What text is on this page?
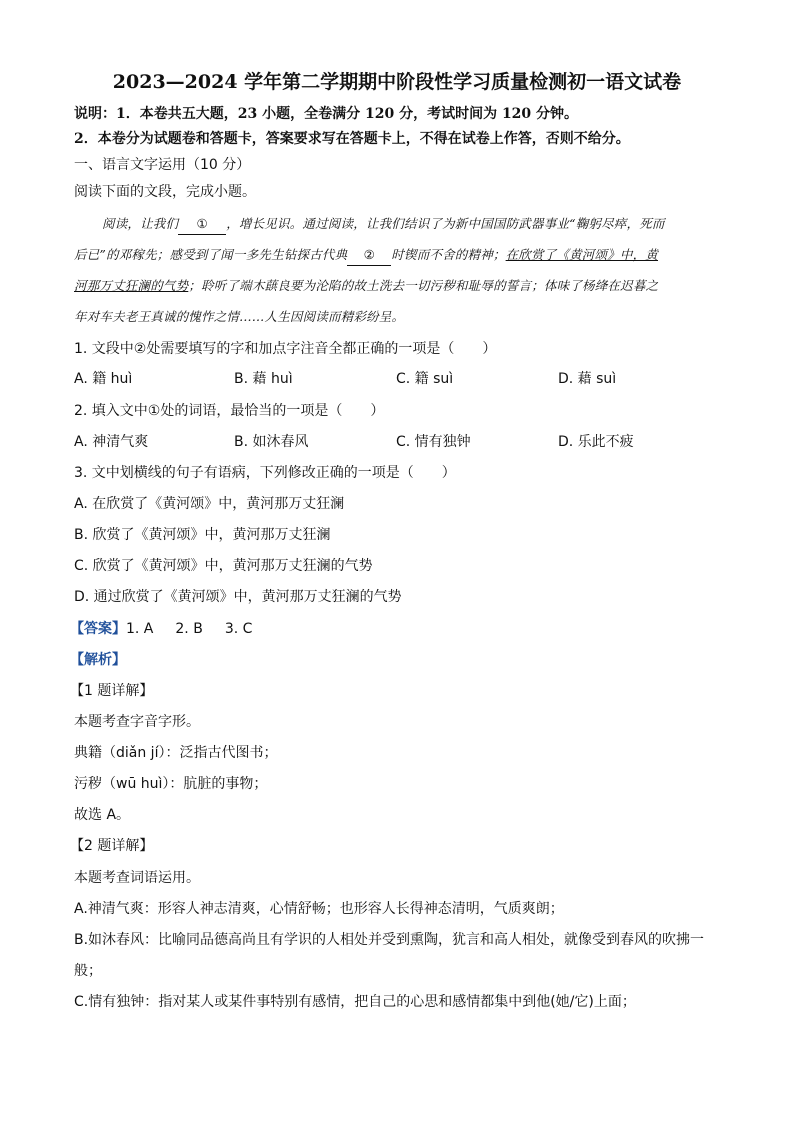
2023—2024 学年第二学期期中阶段性学习质量检测初一语文试卷
说明：1．本卷共五大题，23 小题，全卷满分 120 分，考试时间为 120 分钟。
2．本卷分为试题卷和答题卡，答案要求写在答题卡上，不得在试卷上作答，否则不给分。
一、语言文字运用（10 分）
阅读下面的文段，完成小题。
阅读，让我们 ① ，增长见识。通过阅读，让我们结识了为新中国国防武器事业“鞠躬尽瘁，死而
后已”的邓稼先；感受到了闻一多先生钻探古代典 ② 时锲而不舍的精神；在欣赏了《黄河颂》中，黄
河那万丈狂澜的气势；聆听了端木蕻良要为沦陷的故土洗去一切污秽和耻辱的誓言；体味了杨绛在迟暮之
年对车夫老王真诚的愧怍之情……人生因阅读而精彩纷呈。
1. 文段中②处需要填写的字和加点字注音全都正确的一项是（　　）
A. 籍 huì	B. 藉 huì	C. 籍 suì	D. 藉 suì
2. 填入文中①处的词语，最恰当的一项是（　　）
A. 神清气爽	B. 如沐春风	C. 情有独钟	D. 乐此不疲
3. 文中划横线的句子有语病，下列修改正确的一项是（　　）
A. 在欣赏了《黄河颂》中，黄河那万丈狂澜
B. 欣赏了《黄河颂》中，黄河那万丈狂澜
C. 欣赏了《黄河颂》中，黄河那万丈狂澜的气势
D. 通过欣赏了《黄河颂》中，黄河那万丈狂澜的气势
【答案】1. A 2. B 3. C
【解析】
【1 题详解】
本题考查字音字形。
典籍（diǎn jí）：泛指古代图书；
污秽（wū huì）：肮脏的事物；
故选 A。
【2 题详解】
本题考查词语运用。
A.神清气爽：形容人神志清爽，心情舒畅；也形容人长得神态清明，气质爽朗；
B.如沐春风：比喻同品德高尚且有学识的人相处并受到熏陶，犹言和高人相处，就像受到春风的吹拂一
般；
C.情有独钟：指对某人或某件事特别有感情，把自己的心思和感情都集中到他(她/它)上面；
